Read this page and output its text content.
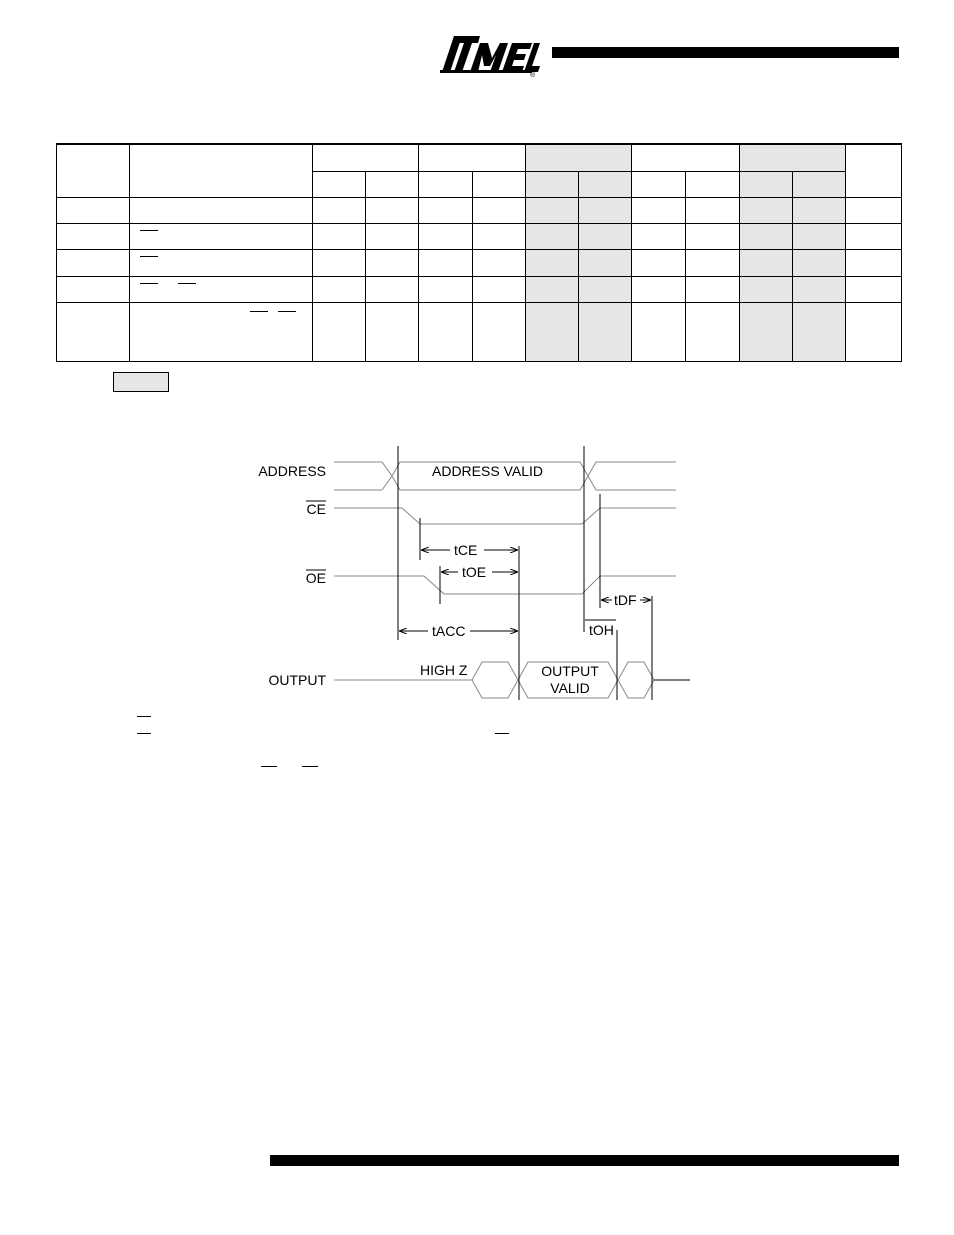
®

ADDRESS
CE
OE
OUTPUT
ADDRESS VALID
tCE
tOE
tACC
tDF
tOH
HIGH Z	OUTPUT
VALID
